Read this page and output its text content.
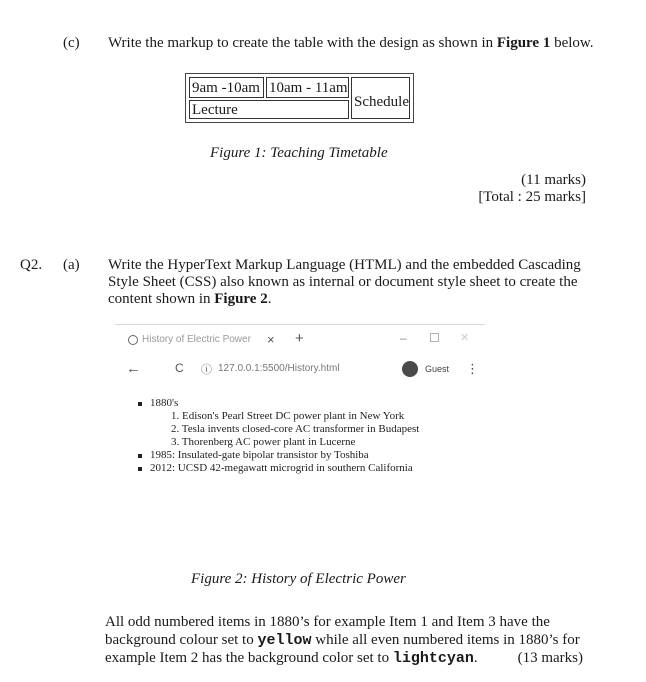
(c) Write the markup to create the table with the design as shown in Figure 1 below.
9am -10am 10am - 11am
Lecture	Schedule
Figure 1: Teaching Timetable
(11 marks)
[Total : 25 marks]
Q2. (a) Write the HyperText Markup Language (HTML) and the embedded Cascading
Style Sheet (CSS) also known as internal or document style sheet to create the
content shown in Figure 2.
History of Electric Power × +	– ☐ ✕
←	C ⓘ 127.0.0.1:5500/History.html	Guest ⋮
1880's
1. Edison's Pearl Street DC power plant in New York
2. Tesla invents closed-core AC transformer in Budapest
3. Thorenberg AC power plant in Lucerne
1985: Insulated-gate bipolar transistor by Toshiba
2012: UCSD 42-megawatt microgrid in southern California
Figure 2: History of Electric Power
All odd numbered items in 1880’s for example Item 1 and Item 3 have the
background colour set to yellow while all even numbered items in 1880’s for
example Item 2 has the background color set to lightcyan.	(13 marks)
